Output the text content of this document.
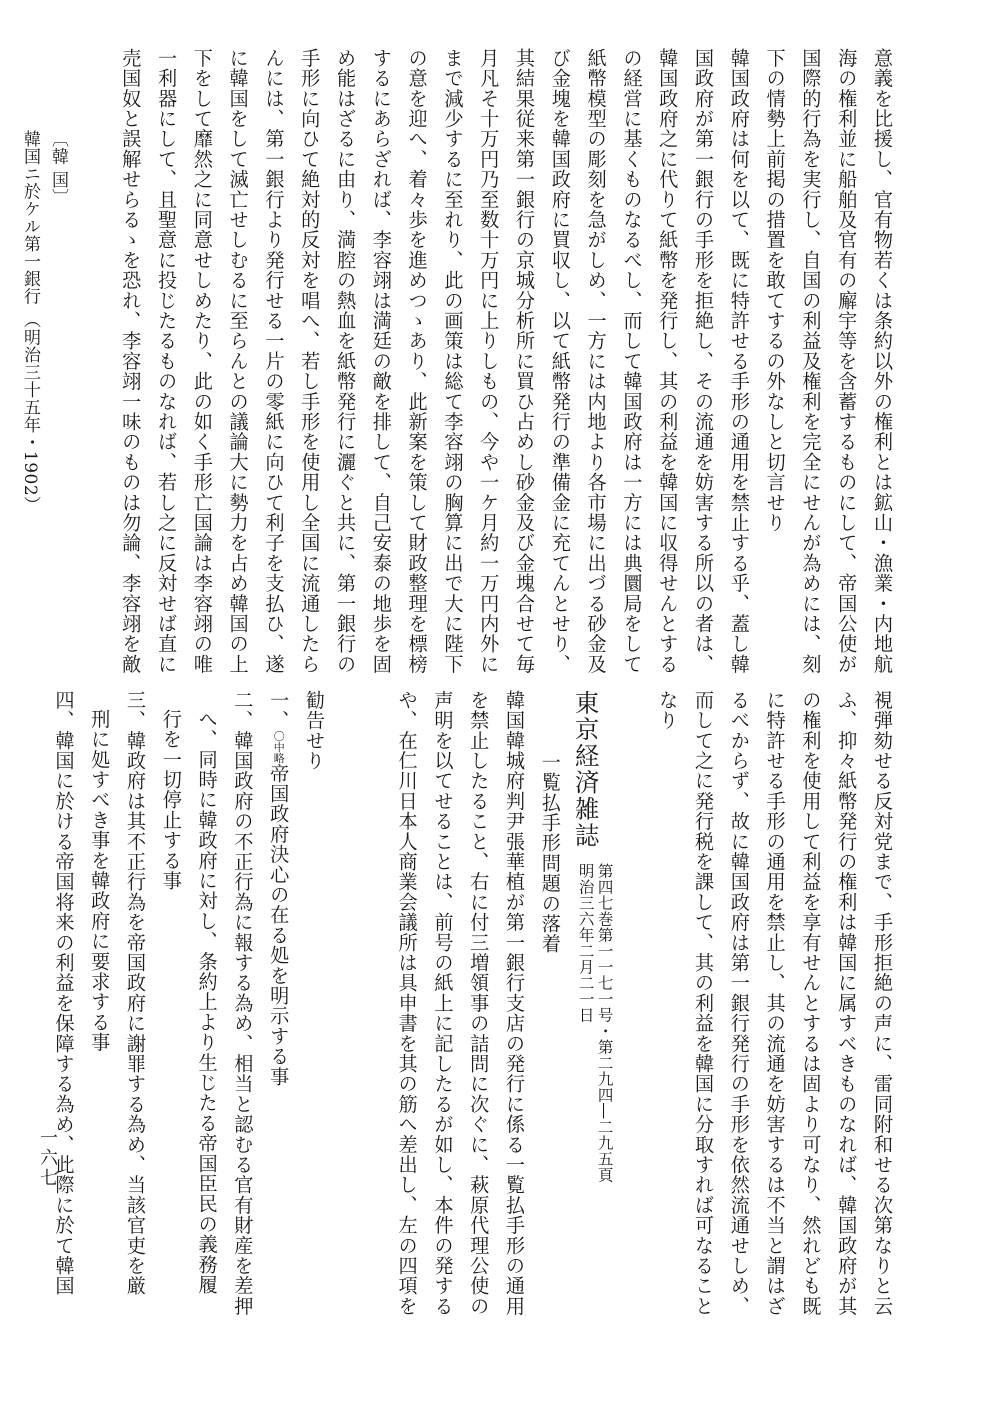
〔韓 国〕
韓国ニ於ケル第一銀行 （明治三十五年・1902）	意義を比援し、官有物若くは条約以外の権利とは鉱山・漁業・内地航
海の権利並に船舶及官有の廨宇等を含蓄するものにして、帝国公使が
国際的行為を実行し、自国の利益及権利を完全にせんが為めには、刻
下の情勢上前掲の措置を敢てするの外なしと切言せり
韓国政府は何を以て、既に特許せる手形の通用を禁止する乎、蓋し韓
国政府が第一銀行の手形を拒絶し、その流通を妨害する所以の者は、
韓国政府之に代りて紙幣を発行し、其の利益を韓国に収得せんとする
の経営に基くものなるべし、而して韓国政府は一方には典圜局をして
紙幣模型の彫刻を急がしめ、一方には内地より各市場に出づる砂金及
び金塊を韓国政府に買収し、以て紙幣発行の準備金に充てんとせり、
其結果従来第一銀行の京城分析所に買ひ占めし砂金及び金塊合せて毎
月凡そ十万円乃至数十万円に上りしもの、今や一ケ月約一万円内外に
まで減少するに至れり、此の画策は総て李容翊の胸算に出で大に陛下
の意を迎へ、着々歩を進めつゝあり、此新案を策して財政整理を標榜
するにあらざれば、李容翊は満廷の敵を排して、自己安泰の地歩を固
め能はざるに由り、満腔の熱血を紙幣発行に灑ぐと共に、第一銀行の
手形に向ひて絶対的反対を唱へ、若し手形を使用し全国に流通したら
んには、第一銀行より発行せる一片の零紙に向ひて利子を支払ひ、遂
に韓国をして滅亡せしむるに至らんとの議論大に勢力を占め韓国の上
下をして靡然之に同意せしめたり、此の如く手形亡国論は李容翊の唯
一利器にして、且聖意に投じたるものなれば、若し之に反対せば直に
売国奴と誤解せらるゝを恐れ、李容翊一味のものは勿論、李容翊を敵
視弾劾せる反対党まで、手形拒絶の声に、雷同附和せる次第なりと云
ふ、抑々紙幣発行の権利は韓国に属すべきものなれば、韓国政府が其
の権利を使用して利益を享有せんとするは固より可なり、然れども既
に特許せる手形の通用を禁止し、其の流通を妨害するは不当と謂はざ
るべからず、故に韓国政府は第一銀行発行の手形を依然流通せしめ、
而して之に発行税を課して、其の利益を韓国に分取すれば可なること
なり
東京経済雑誌
第四七巻第一一七一号・第二九四―二九五頁
明治三六年二月二一日
一覧払手形問題の落着
韓国韓城府判尹張華植が第一銀行支店の発行に係る一覧払手形の通用
を禁止したること、右に付三増領事の詰問に次ぐに、萩原代理公使の
声明を以てせることは、前号の紙上に記したるが如し、本件の発する
や、在仁川日本人商業会議所は具申書を其の筋へ差出し、左の四項を
勧告せり
一、〇中略帝国政府決心の在る処を明示する事
二、韓国政府の不正行為に報する為め、相当と認むる官有財産を差押
へ、同時に韓政府に対し、条約上より生じたる帝国臣民の義務履
行を一切停止する事
三、韓政府は其不正行為を帝国政府に謝罪する為め、当該官吏を厳
刑に処すべき事を韓政府に要求する事
四、韓国に於ける帝国将来の利益を保障する為め、此際に於て韓国
一六七
